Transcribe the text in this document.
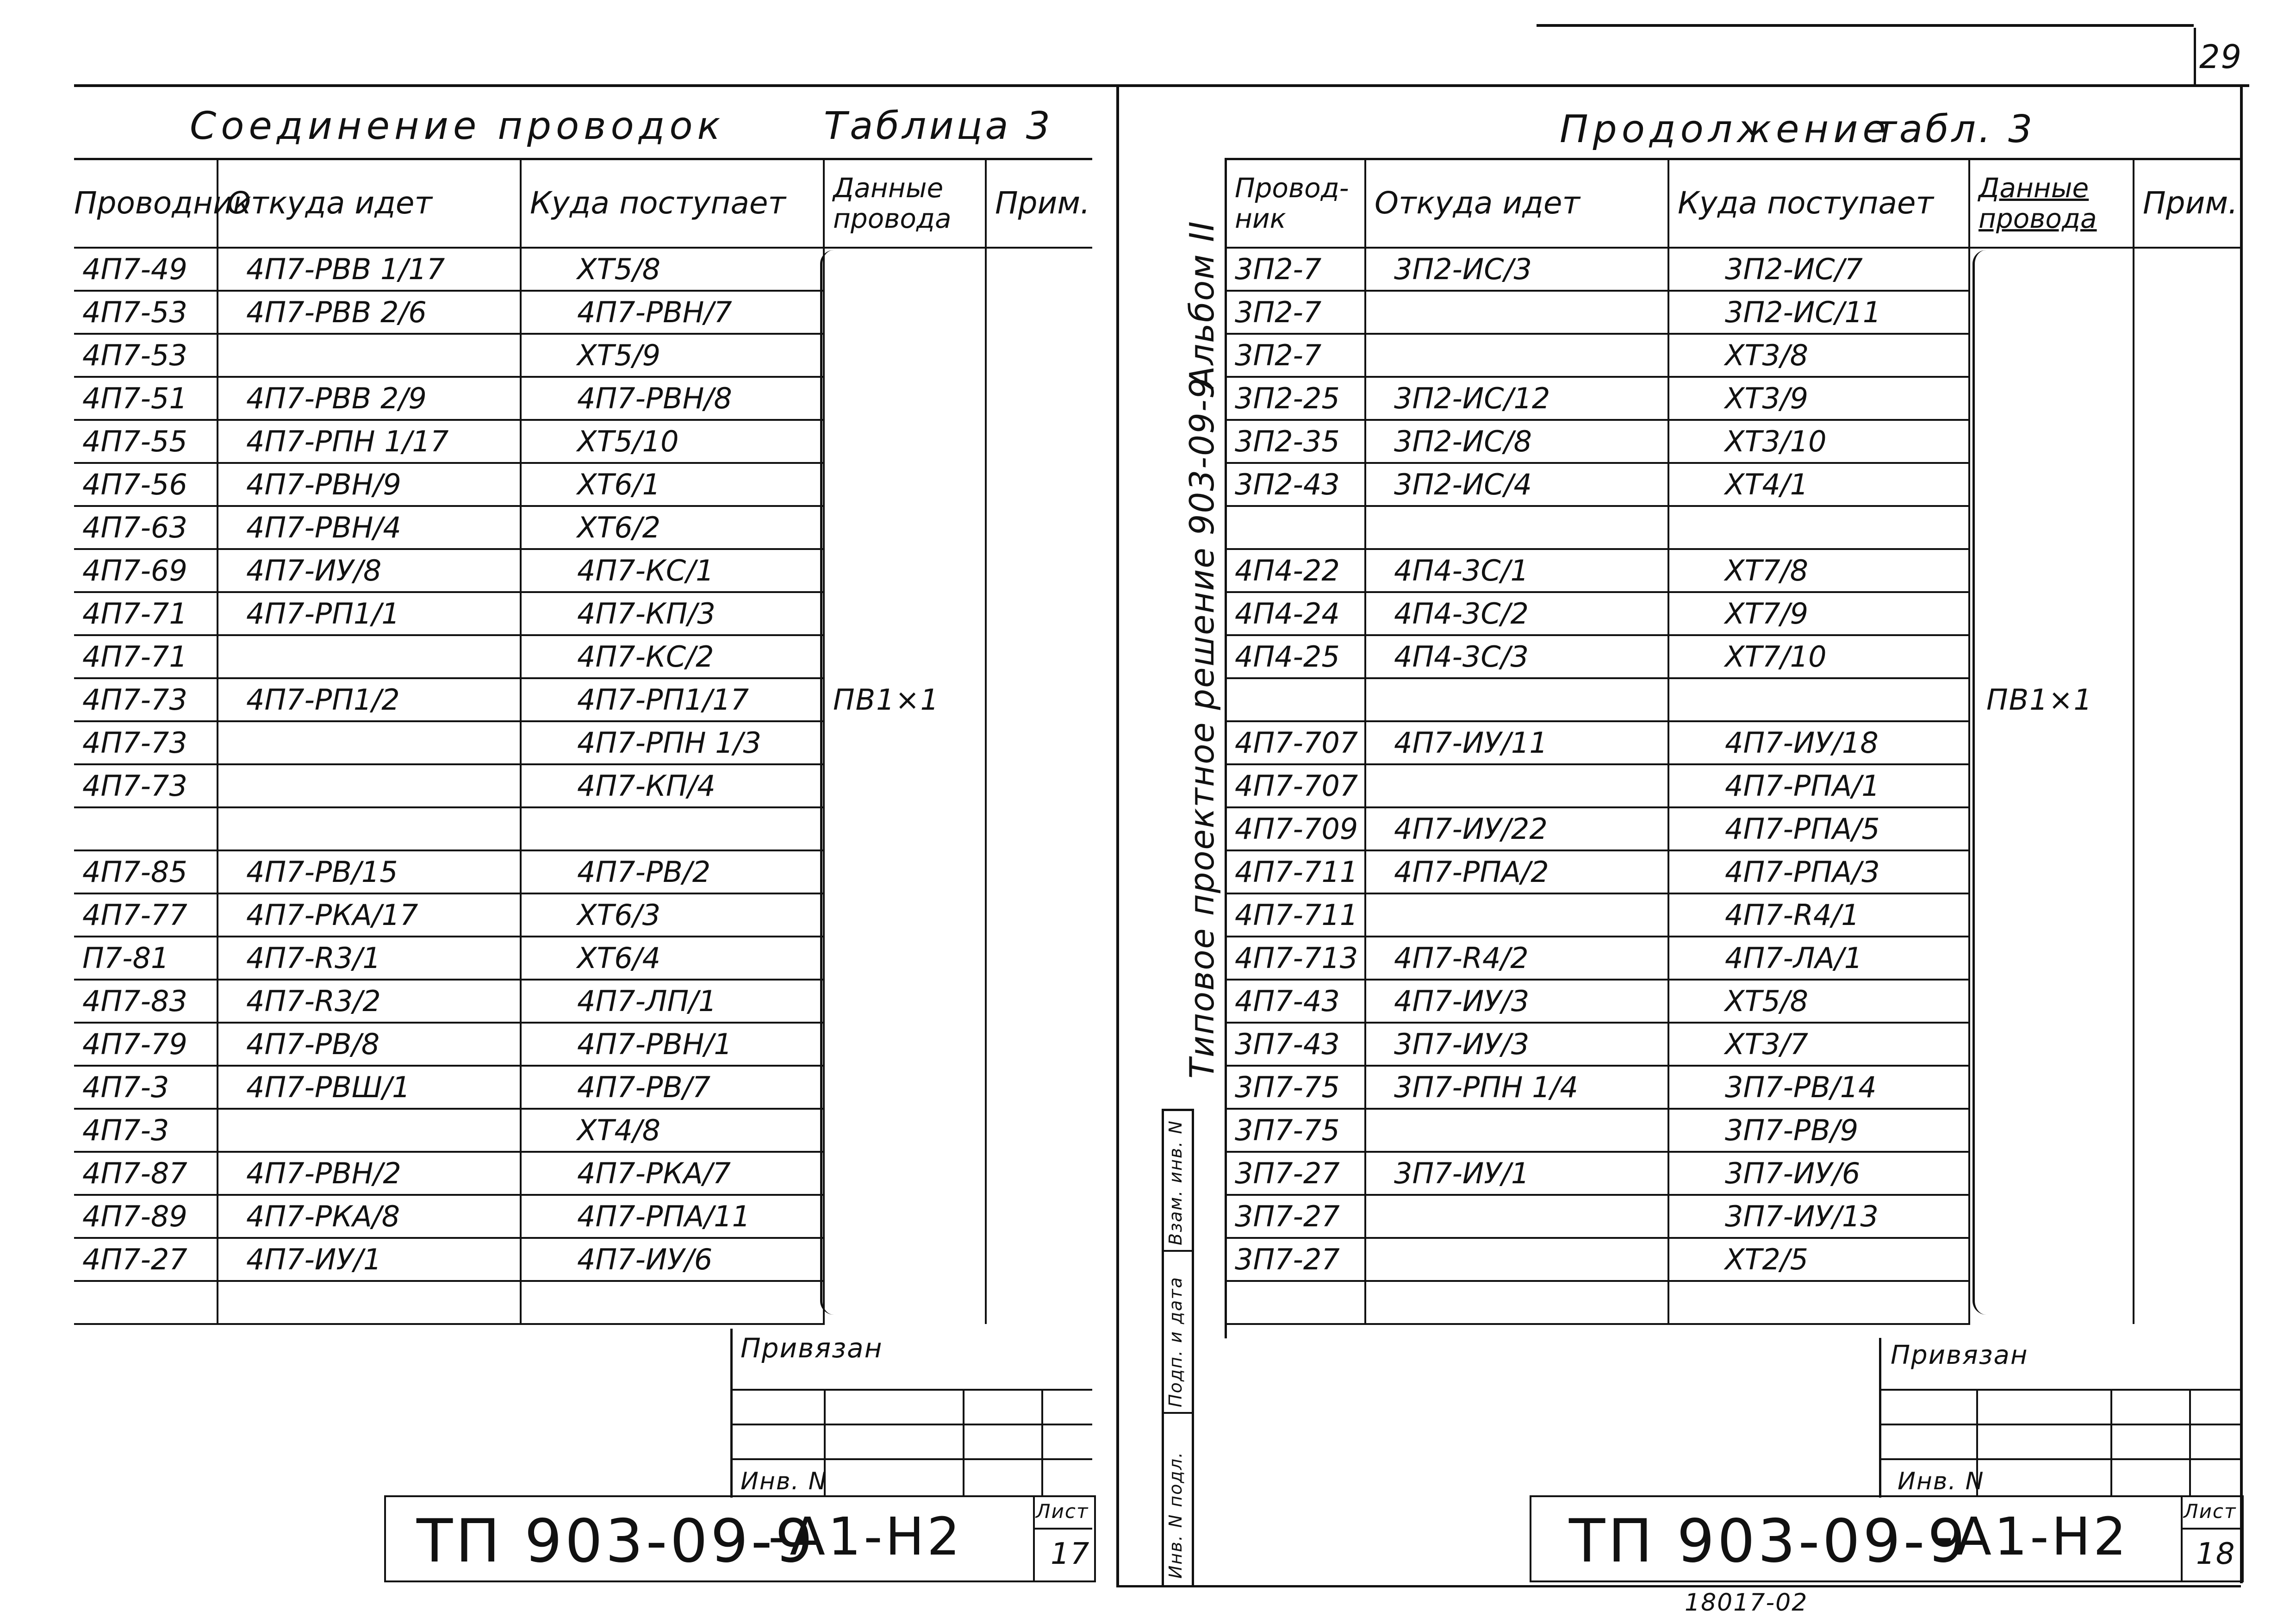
29
Соединение проводок	Таблица 3
Проводник	Откуда идет	Куда поступает	Данные провода	Прим.
4П7-49	4П7-РВВ 1/17	ХТ5/8		
4П7-53	4П7-РВВ 2/6	4П7-РВН/7		
4П7-53		ХТ5/9		
4П7-51	4П7-РВВ 2/9	4П7-РВН/8		
4П7-55	4П7-РПН 1/17	ХТ5/10		
4П7-56	4П7-РВН/9	ХТ6/1		
4П7-63	4П7-РВН/4	ХТ6/2		
4П7-69	4П7-ИУ/8	4П7-КС/1		
4П7-71	4П7-РП1/1	4П7-КП/3		
4П7-71		4П7-КС/2		
4П7-73	4П7-РП1/2	4П7-РП1/17		
4П7-73		4П7-РПН 1/3		
4П7-73		4П7-КП/4		

4П7-85	4П7-РВ/15	4П7-РВ/2		
4П7-77	4П7-РКА/17	ХТ6/3		
П7-81	4П7-R3/1	ХТ6/4		
4П7-83	4П7-R3/2	4П7-ЛП/1		
4П7-79	4П7-РВ/8	4П7-РВН/1		
4П7-3	4П7-РВШ/1	4П7-РВ/7		
4П7-3		ХТ4/8		
4П7-87	4П7-РВН/2	4П7-РКА/7		
4П7-89	4П7-РКА/8	4П7-РПА/11		
4П7-27	4П7-ИУ/1	4П7-ИУ/6		

ПВ1×1
Привязан
Инв. N
ТП 903-09-9
-А1-Н2	Лист
17
Альбом II
Типовое проектное решение 903-09-9
Инв. N подл.
Подп. и дата
Взам. инв. N
Продолжение
табл. 3
Провод-ник	Откуда идет	Куда поступает	Данные провода	Прим.
3П2-7	3П2-ИС/3	3П2-ИС/7		
3П2-7		3П2-ИС/11		
3П2-7		ХТ3/8		
3П2-25	3П2-ИС/12	ХТ3/9		
3П2-35	3П2-ИС/8	ХТ3/10		
3П2-43	3П2-ИС/4	ХТ4/1		

4П4-22	4П4-3С/1	ХТ7/8		
4П4-24	4П4-3С/2	ХТ7/9		
4П4-25	4П4-3С/3	ХТ7/10		

4П7-707	4П7-ИУ/11	4П7-ИУ/18		
4П7-707		4П7-РПА/1		
4П7-709	4П7-ИУ/22	4П7-РПА/5		
4П7-711	4П7-РПА/2	4П7-РПА/3		
4П7-711		4П7-R4/1		
4П7-713	4П7-R4/2	4П7-ЛА/1		
4П7-43	4П7-ИУ/3	ХТ5/8		
3П7-43	3П7-ИУ/3	ХТ3/7		
3П7-75	3П7-РПН 1/4	3П7-РВ/14		
3П7-75		3П7-РВ/9		
3П7-27	3П7-ИУ/1	3П7-ИУ/6		
3П7-27		3П7-ИУ/13		
3П7-27		ХТ2/5		

ПВ1×1
Привязан
Инв. N
ТП 903-09-9
-А1-Н2	Лист
18
18017-02
